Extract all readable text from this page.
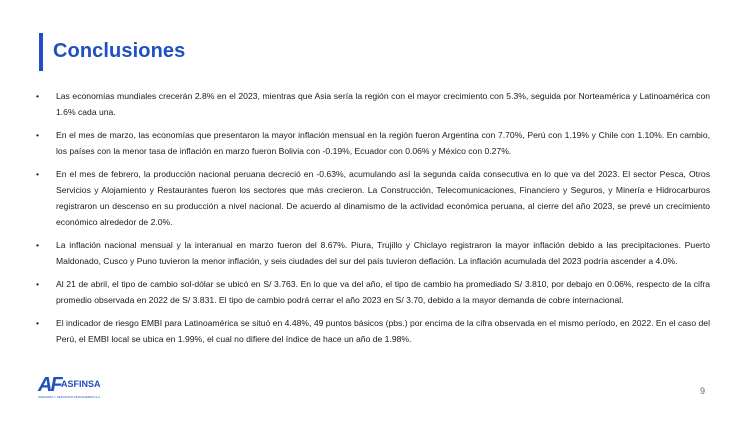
Conclusiones
• Las economías mundiales crecerán 2.8% en el 2023, mientras que Asia sería la región con el mayor crecimiento con 5.3%, seguida por Norteamérica y Latinoamérica con 1.6% cada una.
• En el mes de marzo, las economías que presentaron la mayor inflación mensual en la región fueron Argentina con 7.70%, Perú con 1.19% y Chile con 1.10%. En cambio, los países con la menor tasa de inflación en marzo fueron Bolivia con -0.19%, Ecuador con 0.06% y México con 0.27%.
• En el mes de febrero, la producción nacional peruana decreció en -0.63%, acumulando así la segunda caída consecutiva en lo que va del 2023. El sector Pesca, Otros Servicios y Alojamiento y Restaurantes fueron los sectores que más crecieron. La Construcción, Telecomunicaciones, Financiero y Seguros, y Minería e Hidrocarburos registraron un descenso en su producción a nivel nacional. De acuerdo al dinamismo de la actividad económica peruana, al cierre del año 2023, se prevé un crecimiento económico alrededor de 2.0%.
• La inflación nacional mensual y la interanual en marzo fueron del 8.67%. Piura, Trujillo y Chiclayo registraron la mayor inflación debido a las precipitaciones. Puerto Maldonado, Cusco y Puno tuvieron la menor inflación, y seis ciudades del sur del país tuvieron deflación. La inflación acumulada del 2023 podría ascender a 4.0%.
• Al 21 de abril, el tipo de cambio sol-dólar se ubicó en S/ 3.763. En lo que va del año, el tipo de cambio ha promediado S/ 3.810, por debajo en 0.06%, respecto de la cifra promedio observada en 2022 de S/ 3.831. El tipo de cambio podrá cerrar el año 2023 en S/ 3.70, debido a la mayor demanda de cobre internacional.
• El indicador de riesgo EMBI para Latinoamérica se situó en 4.48%, 49 puntos básicos (pbs.) por encima de la cifra observada en el mismo período, en 2022. En el caso del Perú, el EMBI local se ubica en 1.99%, el cual no difiere del índice de hace un año de 1.98%.
AF ASFINSA
ASESORIA Y SERVICIOS FINANCIEROS S.A.
9
